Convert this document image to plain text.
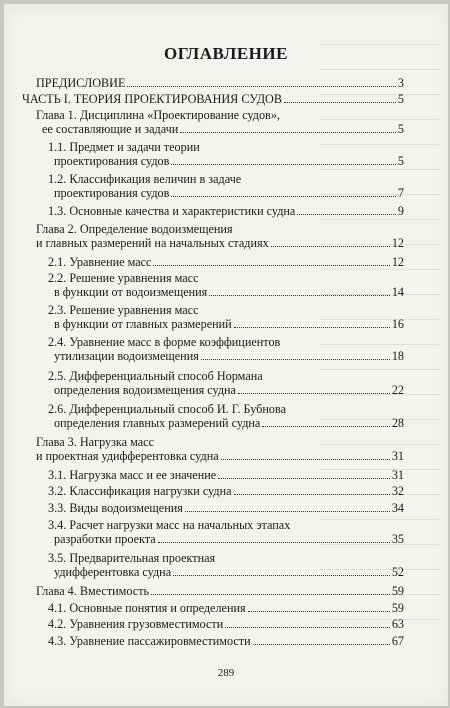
ОГЛАВЛЕНИЕ
ПРЕДИСЛОВИЕ	3
ЧАСТЬ I. ТЕОРИЯ ПРОЕКТИРОВАНИЯ СУДОВ	5
Глава 1. Дисциплина «Проектирование судов»,
ее составляющие и задачи	5
1.1. Предмет и задачи теории
проектирования судов	5
1.2. Классификация величин в задаче
проектирования судов	7
1.3. Основные качества и характеристики судна	9
Глава 2. Определение водоизмещения
и главных размерений на начальных стадиях	12
2.1. Уравнение масс	12
2.2. Решение уравнения масс
в функции от водоизмещения	14
2.3. Решение уравнения масс
в функции от главных размерений	16
2.4. Уравнение масс в форме коэффициентов
утилизации водоизмещения	18
2.5. Дифференциальный способ Нормана
определения водоизмещения судна	22
2.6. Дифференциальный способ И. Г. Бубнова
определения главных размерений судна	28
Глава 3. Нагрузка масс
и проектная удифферентовка судна	31
3.1. Нагрузка масс и ее значение	31
3.2. Классификация нагрузки судна	32
3.3. Виды водоизмещения	34
3.4. Расчет нагрузки масс на начальных этапах
разработки проекта	35
3.5. Предварительная проектная
удифферентовка судна	52
Глава 4. Вместимость	59
4.1. Основные понятия и определения	59
4.2. Уравнения грузовместимости	63
4.3. Уравнение пассажировместимости	67
289
